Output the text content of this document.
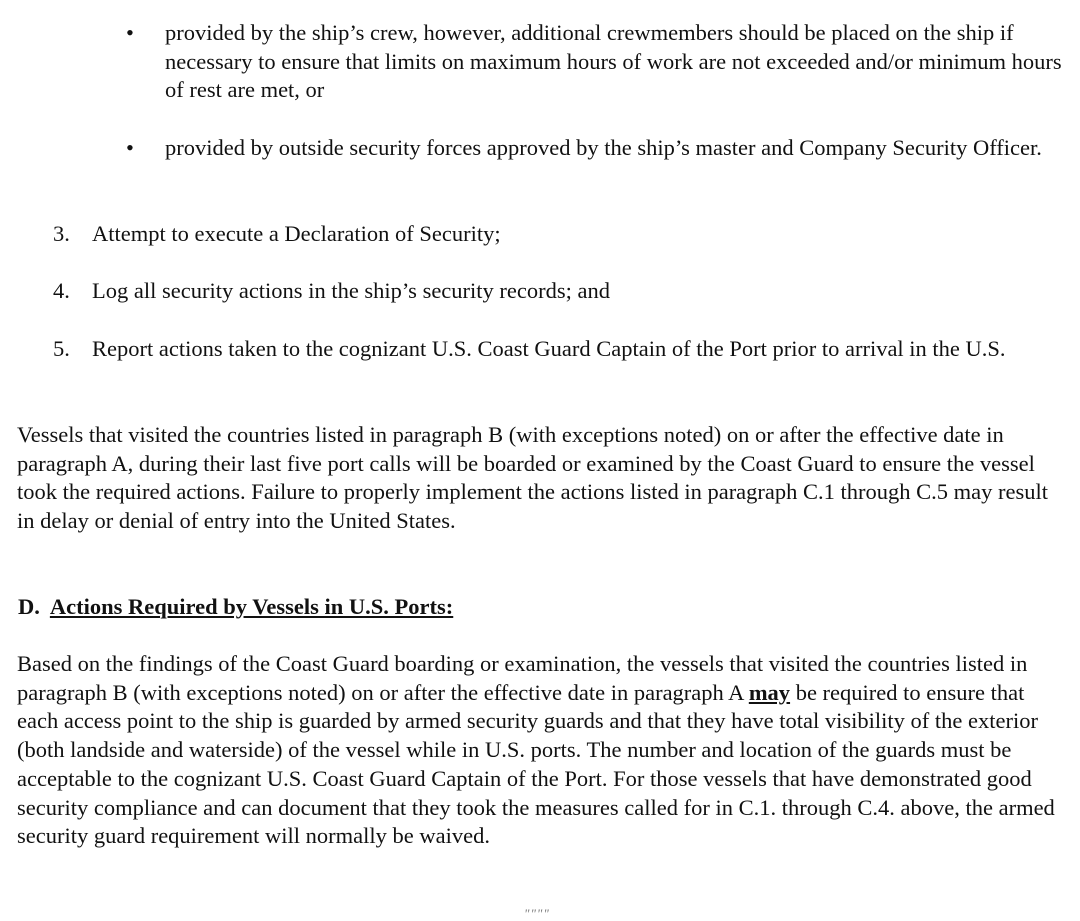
• provided by the ship’s crew, however, additional crewmembers should be placed on the ship if necessary to ensure that limits on maximum hours of work are not exceeded and/or minimum hours of rest are met, or
• provided by outside security forces approved by the ship’s master and Company Security Officer.
3. Attempt to execute a Declaration of Security;
4. Log all security actions in the ship’s security records; and
5. Report actions taken to the cognizant U.S. Coast Guard Captain of the Port prior to arrival in the U.S.
Vessels that visited the countries listed in paragraph B (with exceptions noted) on or after the effective date in paragraph A, during their last five port calls will be boarded or examined by the Coast Guard to ensure the vessel took the required actions. Failure to properly implement the actions listed in paragraph C.1 through C.5 may result in delay or denial of entry into the United States.
D. Actions Required by Vessels in U.S. Ports:
Based on the findings of the Coast Guard boarding or examination, the vessels that visited the countries listed in paragraph B (with exceptions noted) on or after the effective date in paragraph A may be required to ensure that each access point to the ship is guarded by armed security guards and that they have total visibility of the exterior (both landside and waterside) of the vessel while in U.S. ports. The number and location of the guards must be acceptable to the cognizant U.S. Coast Guard Captain of the Port. For those vessels that have demonstrated good security compliance and can document that they took the measures called for in C.1. through C.4. above, the armed security guard requirement will normally be waived.
""""
